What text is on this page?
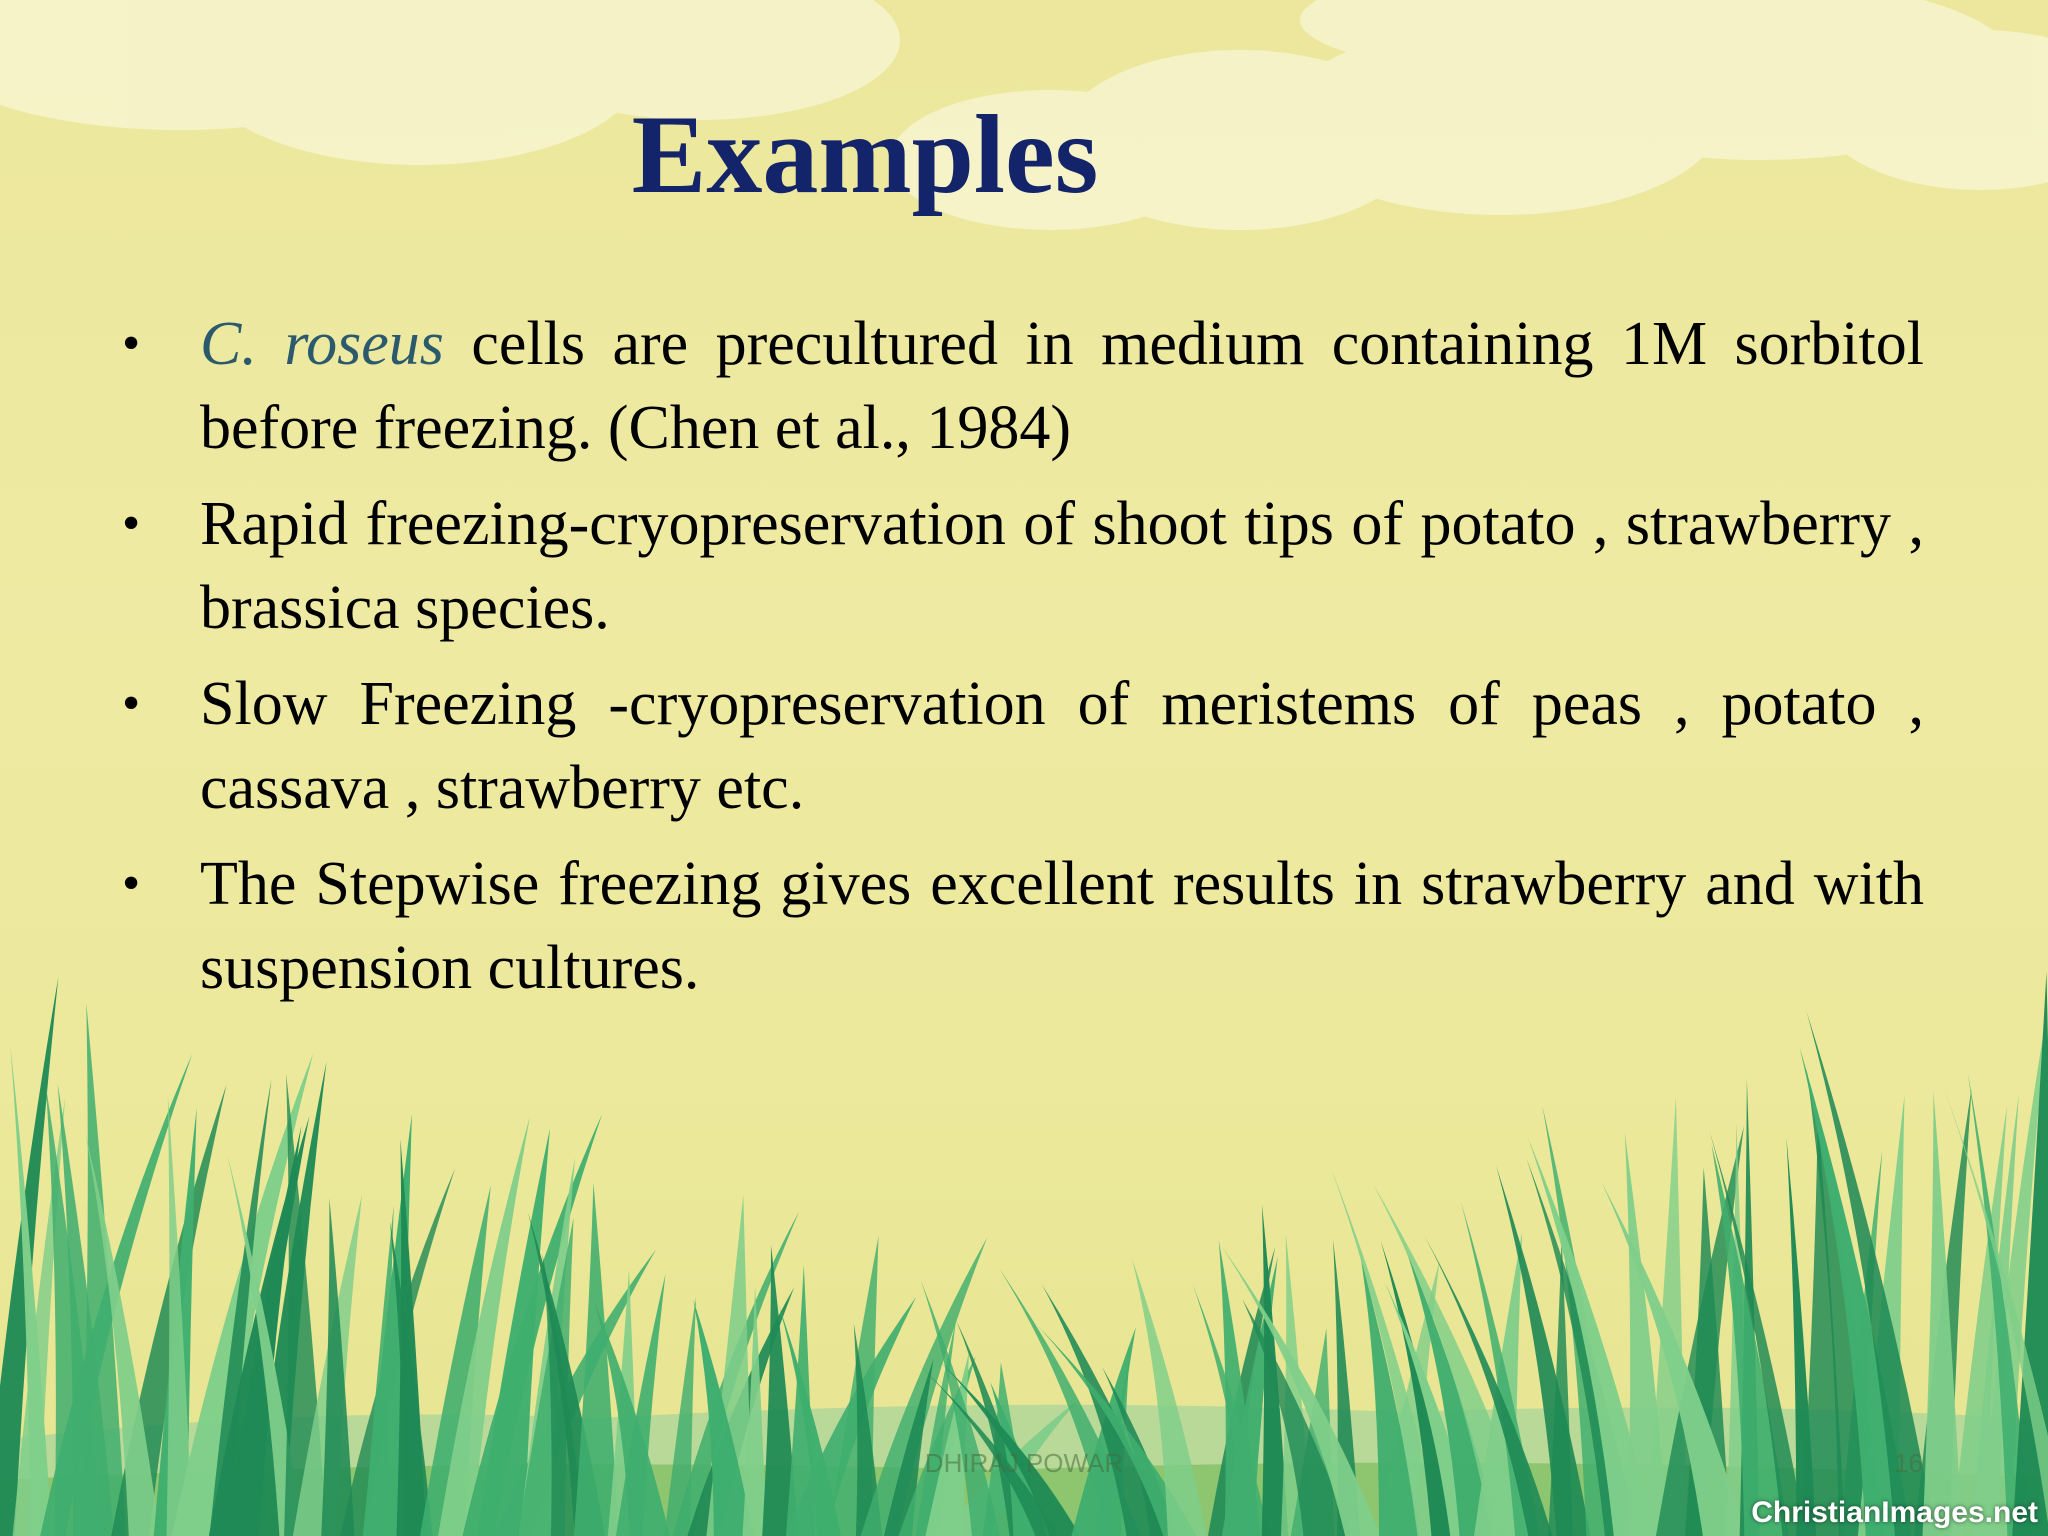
Examples
• C. roseus cells are precultured in medium containing 1M sorbitol before freezing. (Chen et al., 1984)
• Rapid freezing-cryopreservation of shoot tips of potato , strawberry , brassica species.
• Slow Freezing -cryopreservation of meristems of peas , potato , cassava , strawberry etc.
• The Stepwise freezing gives excellent results in strawberry and with suspension cultures.
DHIRAJ POWAR	16
ChristianImages.net
